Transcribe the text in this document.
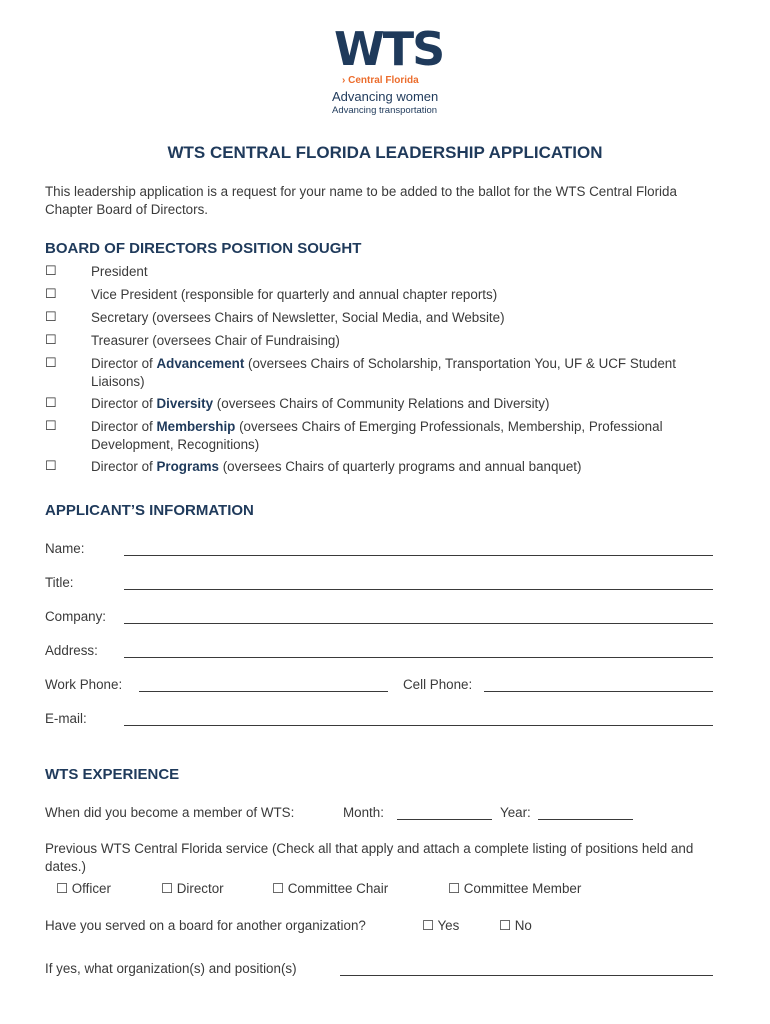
WTS
› Central Florida
Advancing women
Advancing transportation
WTS CENTRAL FLORIDA LEADERSHIP APPLICATION
This leadership application is a request for your name to be added to the ballot for the WTS Central Florida Chapter Board of Directors.
BOARD OF DIRECTORS POSITION SOUGHT
☐	President
☐	Vice President (responsible for quarterly and annual chapter reports)
☐	Secretary (oversees Chairs of Newsletter, Social Media, and Website)
☐	Treasurer (oversees Chair of Fundraising)
☐	Director of Advancement (oversees Chairs of Scholarship, Transportation You, UF & UCF Student Liaisons)
☐	Director of Diversity (oversees Chairs of Community Relations and Diversity)
☐	Director of Membership (oversees Chairs of Emerging Professionals, Membership, Professional Development, Recognitions)
☐	Director of Programs (oversees Chairs of quarterly programs and annual banquet)
APPLICANT’S INFORMATION
Name:
Title:
Company:
Address:
Work Phone:	Cell Phone:
E-mail:
WTS EXPERIENCE
When did you become a member of WTS:	Month:	Year:
Previous WTS Central Florida service (Check all that apply and attach a complete listing of positions held and dates.)
☐ Officer	☐ Director	☐ Committee Chair	☐ Committee Member
Have you served on a board for another organization?	☐ Yes	☐ No
If yes, what organization(s) and position(s)
